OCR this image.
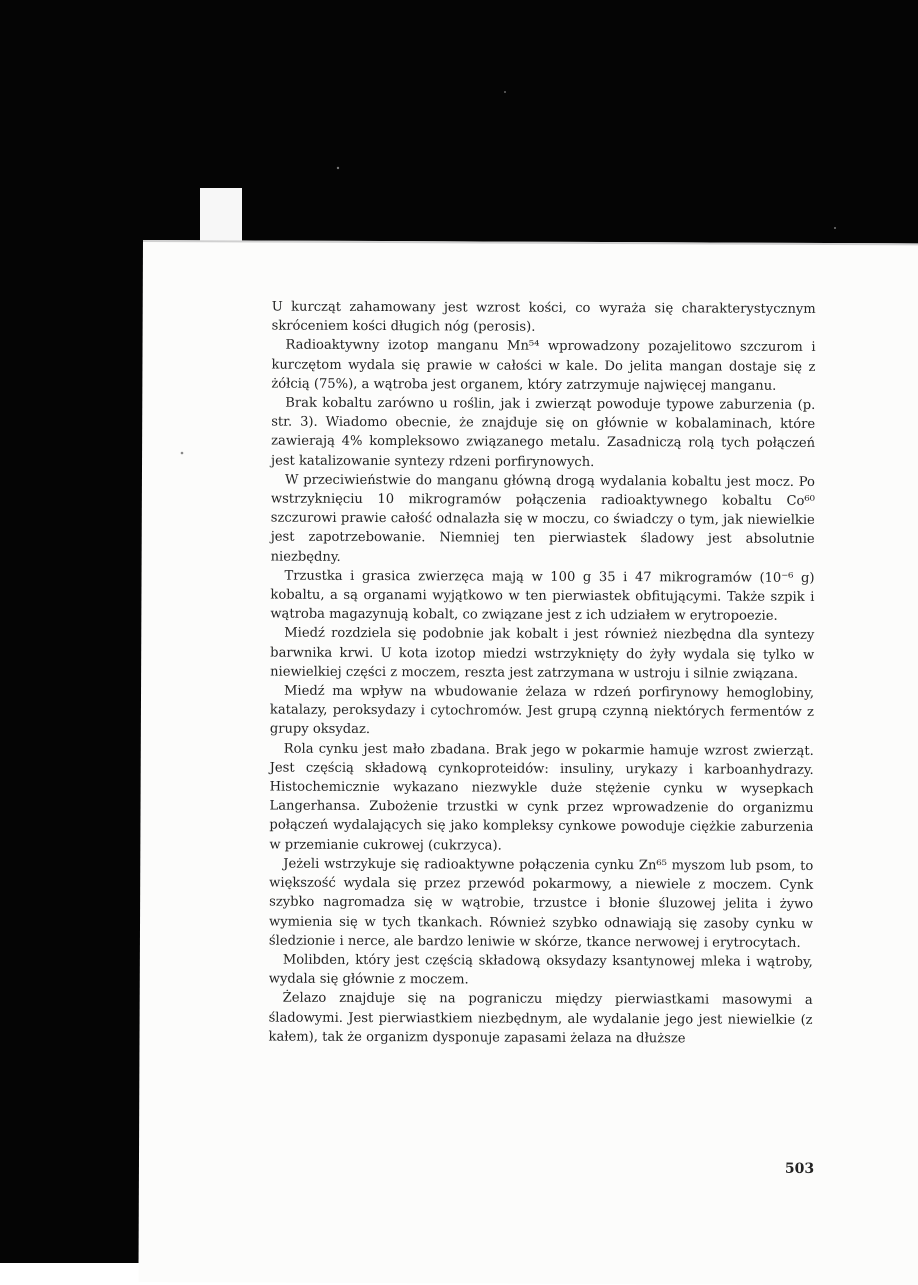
U kurcząt zahamowany jest wzrost kości, co wyraża się charakterystycznym skróceniem kości długich nóg (perosis).

Radioaktywny izotop manganu Mn⁵⁴ wprowadzony pozajelitowo szczurom i kurczętom wydala się prawie w całości w kale. Do jelita mangan dostaje się z żółcią (75%), a wątroba jest organem, który zatrzymuje najwięcej manganu.

Brak kobaltu zarówno u roślin, jak i zwierząt powoduje typowe zaburzenia (p. str. 3). Wiadomo obecnie, że znajduje się on głównie w kobalaminach, które zawierają 4% kompleksowo związanego metalu. Zasadniczą rolą tych połączeń jest katalizowanie syntezy rdzeni porfirynowych.

W przeciwieństwie do manganu główną drogą wydalania kobaltu jest mocz. Po wstrzyknięciu 10 mikrogramów połączenia radioaktywnego kobaltu Co⁶⁰ szczurowi prawie całość odnalazła się w moczu, co świadczy o tym, jak niewielkie jest zapotrzebowanie. Niemniej ten pierwiastek śladowy jest absolutnie niezbędny.

Trzustka i grasica zwierzęca mają w 100 g 35 i 47 mikrogramów (10⁻⁶ g) kobaltu, a są organami wyjątkowo w ten pierwiastek obfitującymi. Także szpik i wątroba magazynują kobalt, co związane jest z ich udziałem w erytropoezie.

Miedź rozdziela się podobnie jak kobalt i jest również niezbędna dla syntezy barwnika krwi. U kota izotop miedzi wstrzyknięty do żyły wydala się tylko w niewielkiej części z moczem, reszta jest zatrzymana w ustroju i silnie związana.

Miedź ma wpływ na wbudowanie żelaza w rdzeń porfirynowy hemoglobiny, katalazy, peroksydazy i cytochromów. Jest grupą czynną niektórych fermentów z grupy oksydaz.

Rola cynku jest mało zbadana. Brak jego w pokarmie hamuje wzrost zwierząt. Jest częścią składową cynkoproteidów: insuliny, urykazy i karboanhydrazy. Histochemicznie wykazano niezwykle duże stężenie cynku w wysepkach Langerhansa. Zubożenie trzustki w cynk przez wprowadzenie do organizmu połączeń wydalających się jako kompleksy cynkowe powoduje ciężkie zaburzenia w przemianie cukrowej (cukrzyca).

Jeżeli wstrzykuje się radioaktywne połączenia cynku Zn⁶⁵ myszom lub psom, to większość wydala się przez przewód pokarmowy, a niewiele z moczem. Cynk szybko nagromadza się w wątrobie, trzustce i błonie śluzowej jelita i żywo wymienia się w tych tkankach. Również szybko odnawiają się zasoby cynku w śledzionie i nerce, ale bardzo leniwie w skórze, tkance nerwowej i erytrocytach.

Molibden, który jest częścią składową oksydazy ksantynowej mleka i wątroby, wydala się głównie z moczem.

Żelazo znajduje się na pograniczu między pierwiastkami masowymi a śladowymi. Jest pierwiastkiem niezbędnym, ale wydalanie jego jest niewielkie (z kałem), tak że organizm dysponuje zapasami żelaza na dłuższe

503
